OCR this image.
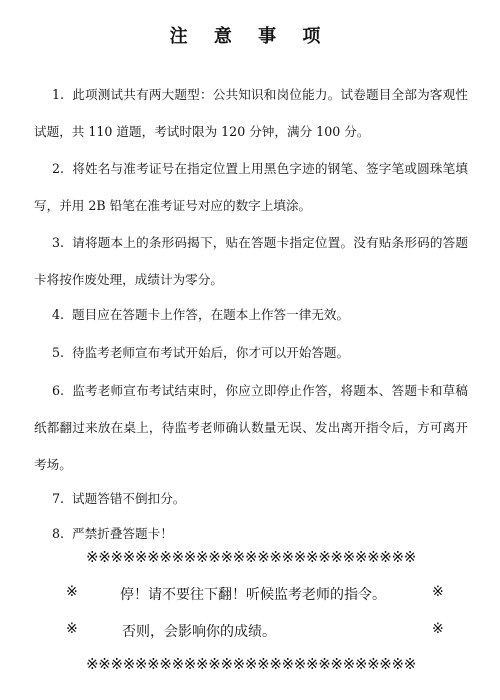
注 意 事 项
1. 此项测试共有两大题型：公共知识和岗位能力。试卷题目全部为客观性试题，共 110 道题，考试时限为 120 分钟，满分 100 分。
2. 将姓名与准考证号在指定位置上用黑色字迹的钢笔、签字笔或圆珠笔填写，并用 2B 铅笔在准考证号对应的数字上填涂。
3. 请将题本上的条形码揭下，贴在答题卡指定位置。没有贴条形码的答题卡将按作废处理，成绩计为零分。
4. 题目应在答题卡上作答，在题本上作答一律无效。
5. 待监考老师宣布考试开始后，你才可以开始答题。
6. 监考老师宣布考试结束时，你应立即停止作答，将题本、答题卡和草稿纸都翻过来放在桌上，待监考老师确认数量无误、发出离开指令后，方可离开考场。
7. 试题答错不倒扣分。
8. 严禁折叠答题卡！
※※※※※※※※※※※※※※※※※※※※※※※※※※※
※	停！请不要往下翻！听候监考老师的指令。	※
※	否则，会影响你的成绩。	※
※※※※※※※※※※※※※※※※※※※※※※※※※※※
